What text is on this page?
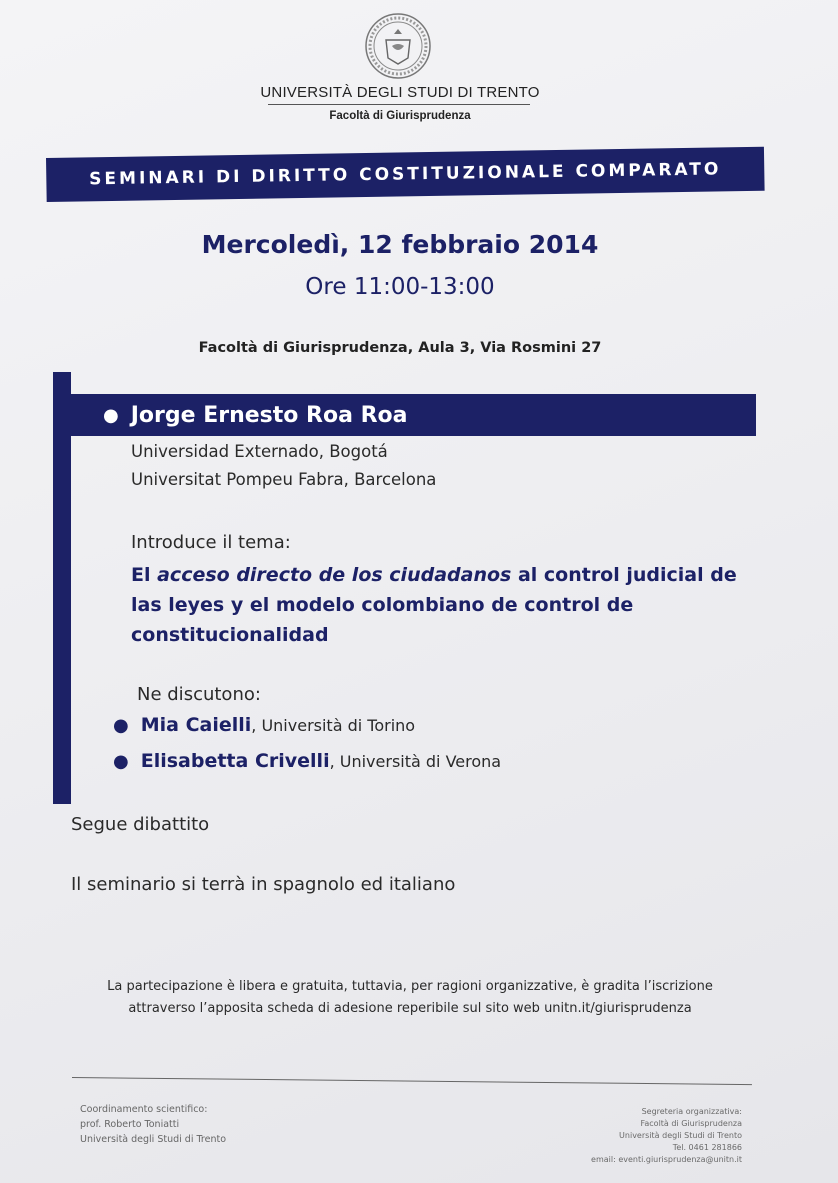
UNIVERSITÀ DEGLI STUDI DI TRENTO
Facoltà di Giurisprudenza
SEMINARI DI DIRITTO COSTITUZIONALE COMPARATO
Mercoledì, 12 febbraio 2014
Ore 11:00-13:00
Facoltà di Giurisprudenza, Aula 3, Via Rosmini 27
● Jorge Ernesto Roa Roa
Universidad Externado, Bogotá
Universitat Pompeu Fabra, Barcelona
Introduce il tema:
El acceso directo de los ciudadanos al control judicial de las leyes y el modelo colombiano de control de constitucionalidad
Ne discutono:
● Mia Caielli, Università di Torino
● Elisabetta Crivelli, Università di Verona
Segue dibattito
Il seminario si terrà in spagnolo ed italiano
La partecipazione è libera e gratuita, tuttavia, per ragioni organizzative, è gradita l’iscrizione
attraverso l’apposita scheda di adesione reperibile sul sito web unitn.it/giurisprudenza
Coordinamento scientifico:
prof. Roberto Toniatti
Università degli Studi di Trento
Segreteria organizzativa:
Facoltà di Giurisprudenza
Università degli Studi di Trento
Tel. 0461 281866
email: eventi.giurisprudenza@unitn.it
